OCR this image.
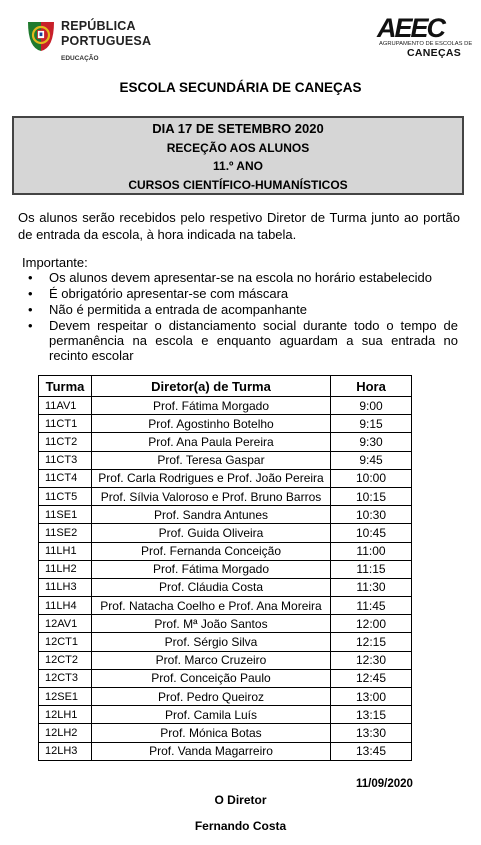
REPÚBLICA
PORTUGUESA
EDUCAÇÃO
AEEC
AGRUPAMENTO DE ESCOLAS DE
CANEÇAS
ESCOLA SECUNDÁRIA DE CANEÇAS
DIA 17 DE SETEMBRO 2020
RECEÇÃO AOS ALUNOS
11.º ANO
CURSOS CIENTÍFICO-HUMANÍSTICOS
Os alunos serão recebidos pelo respetivo Diretor de Turma junto ao portão de entrada da escola, à hora indicada na tabela.
Importante:
• Os alunos devem apresentar-se na escola no horário estabelecido
• É obrigatório apresentar-se com máscara
• Não é permitida a entrada de acompanhante
• Devem respeitar o distanciamento social durante todo o tempo de permanência na escola e enquanto aguardam a sua entrada no recinto escolar
Turma	Diretor(a) de Turma	Hora
11AV1	Prof. Fátima Morgado	9:00
11CT1	Prof. Agostinho Botelho	9:15
11CT2	Prof. Ana Paula Pereira	9:30
11CT3	Prof. Teresa Gaspar	9:45
11CT4	Prof. Carla Rodrigues e Prof. João Pereira	10:00
11CT5	Prof. Sílvia Valoroso e Prof. Bruno Barros	10:15
11SE1	Prof. Sandra Antunes	10:30
11SE2	Prof. Guida Oliveira	10:45
11LH1	Prof. Fernanda Conceição	11:00
11LH2	Prof. Fátima Morgado	11:15
11LH3	Prof. Cláudia Costa	11:30
11LH4	Prof. Natacha Coelho e Prof. Ana Moreira	11:45
12AV1	Prof. Mª João Santos	12:00
12CT1	Prof. Sérgio Silva	12:15
12CT2	Prof. Marco Cruzeiro	12:30
12CT3	Prof. Conceição Paulo	12:45
12SE1	Prof. Pedro Queiroz	13:00
12LH1	Prof. Camila Luís	13:15
12LH2	Prof. Mónica Botas	13:30
12LH3	Prof. Vanda Magarreiro	13:45
11/09/2020
O Diretor
Fernando Costa
